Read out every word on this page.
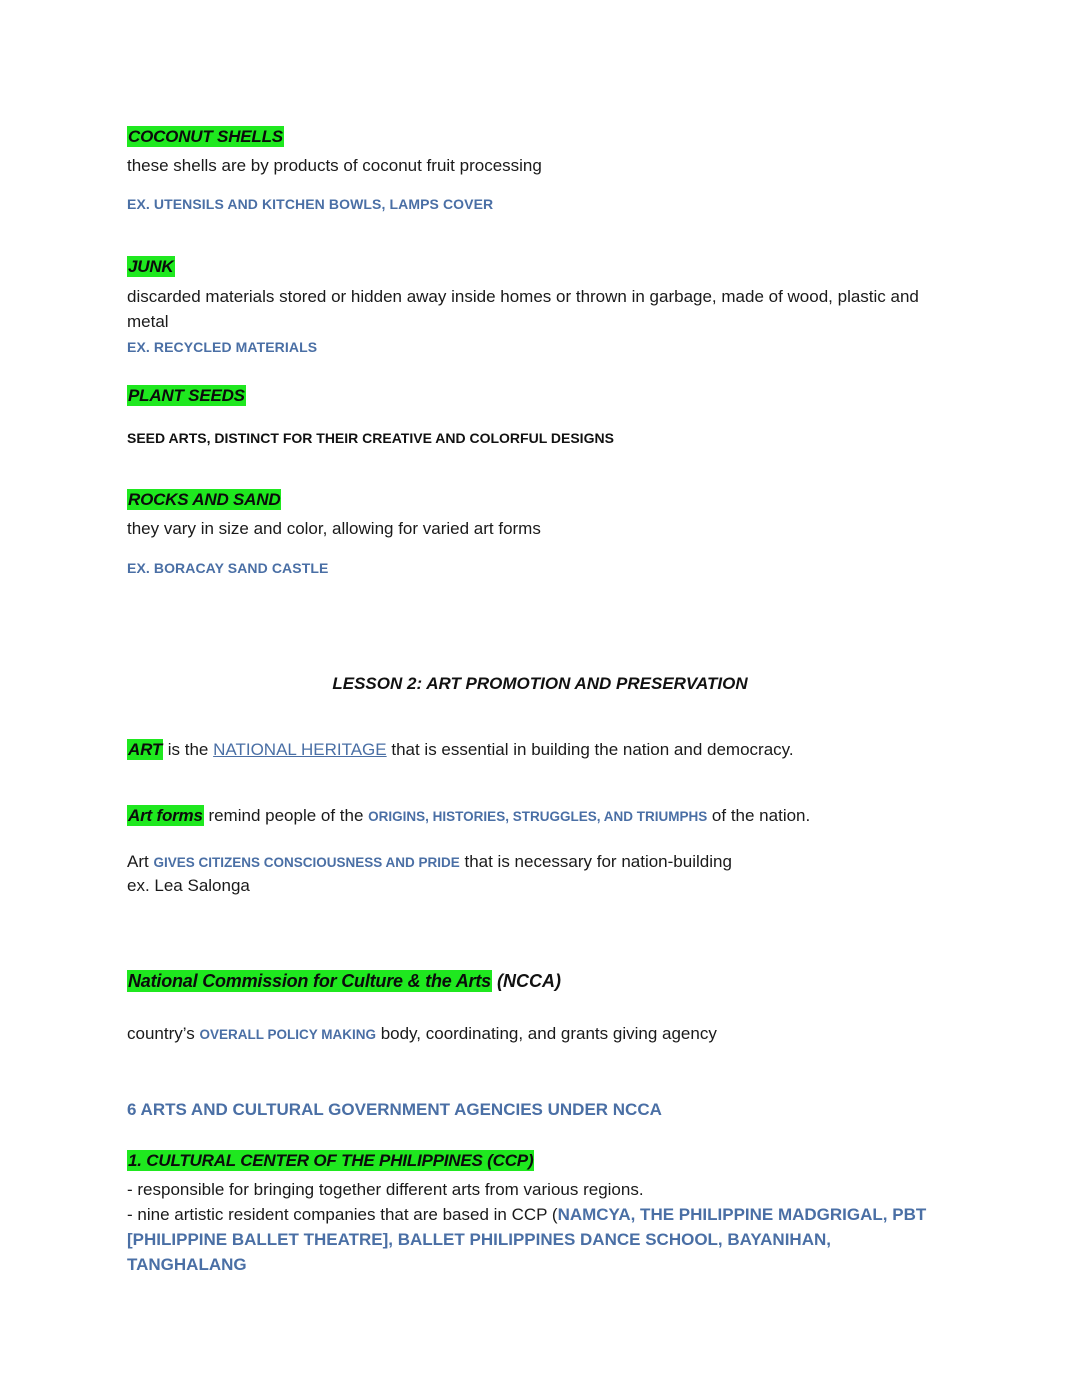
COCONUT SHELLS
these shells are by products of coconut fruit processing
EX. UTENSILS AND KITCHEN BOWLS, LAMPS COVER
JUNK
discarded materials stored or hidden away inside homes or thrown in garbage, made of wood, plastic and metal
EX. RECYCLED MATERIALS
PLANT SEEDS
SEED ARTS, DISTINCT FOR THEIR CREATIVE AND COLORFUL DESIGNS
ROCKS AND SAND
they vary in size and color, allowing for varied art forms
EX. BORACAY SAND CASTLE
LESSON 2: ART PROMOTION AND PRESERVATION
ART is the NATIONAL HERITAGE that is essential in building the nation and democracy.
Art forms remind people of the ORIGINS, HISTORIES, STRUGGLES, AND TRIUMPHS of the nation.
Art GIVES CITIZENS CONSCIOUSNESS AND PRIDE that is necessary for nation-building
ex. Lea Salonga
National Commission for Culture & the Arts (NCCA)
country’s OVERALL POLICY MAKING body, coordinating, and grants giving agency
6 ARTS AND CULTURAL GOVERNMENT AGENCIES UNDER NCCA
1. CULTURAL CENTER OF THE PHILIPPINES (CCP)
- responsible for bringing together different arts from various regions.
- nine artistic resident companies that are based in CCP (NAMCYA, THE PHILIPPINE MADGRIGAL, PBT [PHILIPPINE BALLET THEATRE], BALLET PHILIPPINES DANCE SCHOOL, BAYANIHAN, TANGHALANG
